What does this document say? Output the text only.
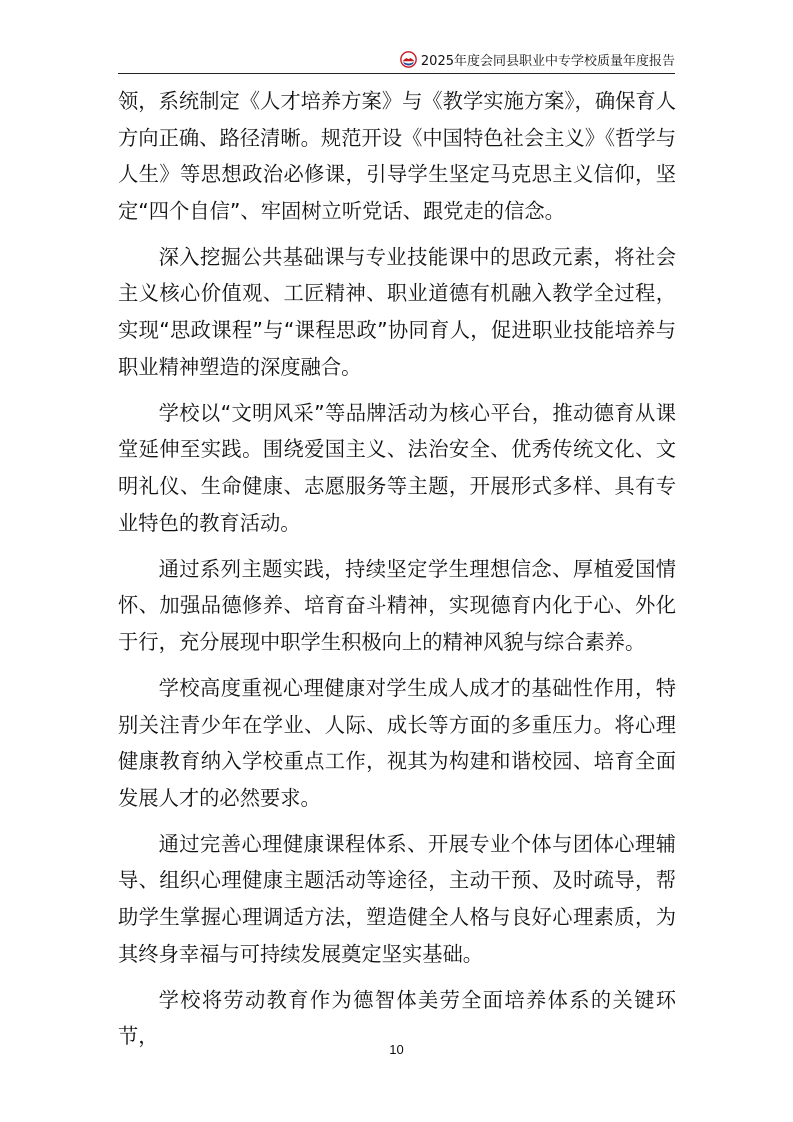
2025年度会同县职业中专学校质量年度报告

领，系统制定《人才培养方案》与《教学实施方案》，确保育人方向正确、路径清晰。规范开设《中国特色社会主义》《哲学与人生》等思想政治必修课，引导学生坚定马克思主义信仰，坚定“四个自信”、牢固树立听党话、跟党走的信念。

深入挖掘公共基础课与专业技能课中的思政元素，将社会主义核心价值观、工匠精神、职业道德有机融入教学全过程，实现“思政课程”与“课程思政”协同育人，促进职业技能培养与职业精神塑造的深度融合。

学校以“文明风采”等品牌活动为核心平台，推动德育从课堂延伸至实践。围绕爱国主义、法治安全、优秀传统文化、文明礼仪、生命健康、志愿服务等主题，开展形式多样、具有专业特色的教育活动。

通过系列主题实践，持续坚定学生理想信念、厚植爱国情怀、加强品德修养、培育奋斗精神，实现德育内化于心、外化于行，充分展现中职学生积极向上的精神风貌与综合素养。

学校高度重视心理健康对学生成人成才的基础性作用，特别关注青少年在学业、人际、成长等方面的多重压力。将心理健康教育纳入学校重点工作，视其为构建和谐校园、培育全面发展人才的必然要求。

通过完善心理健康课程体系、开展专业个体与团体心理辅导、组织心理健康主题活动等途径，主动干预、及时疏导，帮助学生掌握心理调适方法，塑造健全人格与良好心理素质，为其终身幸福与可持续发展奠定坚实基础。

学校将劳动教育作为德智体美劳全面培养体系的关键环节，

10
